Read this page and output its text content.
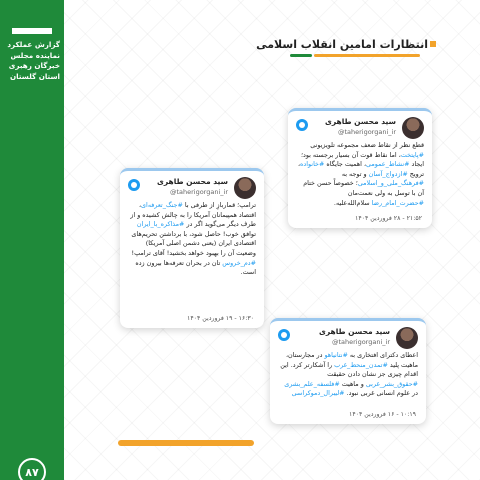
گزارش عملکرد
نماینده مجلس
خبرگان رهبری
استان گلستان
۸۷
انتظارات امامین انقلاب اسلامی
سید محسن طاهری
@taherigorgani_ir
قطع نظر از نقاط ضعف مجموعه تلویزیونی #پایتخت، اما نقاط قوت آن بسیار برجسته بود؛ ایجاد #نشاط_عمومی، اهمیت جایگاه #خانواده، ترویج #ازدواج_آسان و توجه به #فرهنگ_ملی_و_اسلامی؛ خصوصاً حسن ختام آن با توسل به ولی نعمت‌مان #حضرت_امام_رضا سلام‌الله‌علیه.
۲۱:۵۲ - ۲۸ فروردین ۱۴۰۴
سید محسن طاهری
@taherigorgani_ir
ترامپ؛ قماربازِ از طرفی با #جنگ_تعرفه‌ای، اقتصاد همپیمانان آمریکا را به چالش کشیده و از طرف دیگر می‌گوید اگر در #مذاکره_با_ایران توافق خوب! حاصل شود، با برداشتن تحریم‌های اقتصادی ایران (یعنی دشمن اصلی آمریکا) وضعیت آن را بهبود خواهد بخشید! آقای ترامپ! #دم_خروس تان در بحران تعرفه‌ها بیرون زده است.
۱۶:۳۰ - ۱۹ فروردین ۱۴۰۴
سید محسن طاهری
@taherigorgani_ir
اعطای دکترای افتخاری به #نتانیاهو در مجارستان، ماهیت پلید #تمدن_منحط_غرب را آشکارتر کرد. این اقدام چیزی جز نشان دادن حقیقت #حقوق_بشر_غربی و ماهیت #فلسفه_علم_بشری در علوم انسانی غربی نبود. #لیبرال_دموکراسی
۱۰:۱۹ - ۱۶ فروردین ۱۴۰۴
